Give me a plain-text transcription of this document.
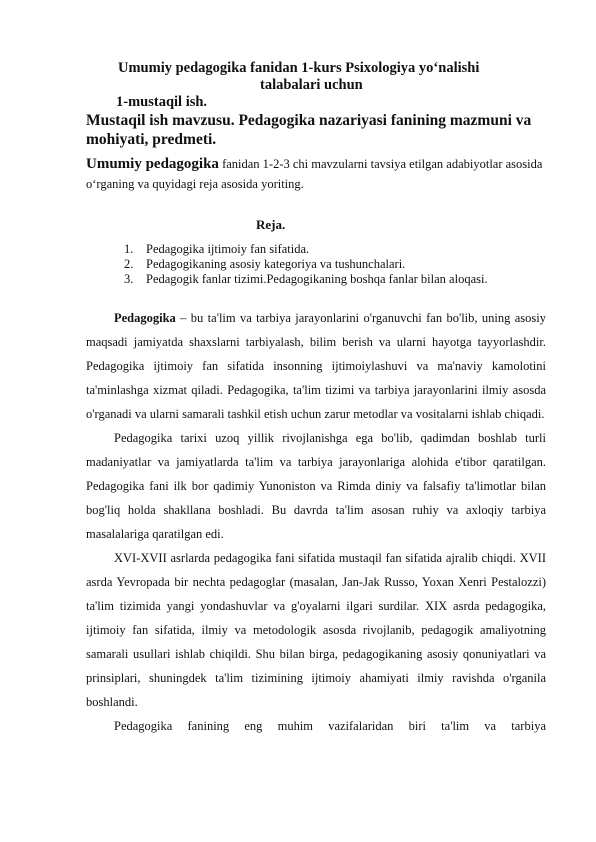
Umumiy pedagogika fanidan 1-kurs Psixologiya yo‘nalishi
talabalari uchun
1-mustaqil ish.
Mustaqil ish mavzusu. Pedagogika nazariyasi fanining mazmuni va mohiyati, predmeti.
Umumiy pedagogika fanidan 1-2-3 chi mavzularni tavsiya etilgan adabiyotlar asosida o‘rganing va quyidagi reja asosida yoriting.
Reja.
1. Pedagogika ijtimoiy fan sifatida.
2. Pedagogikaning asosiy kategoriya va tushunchalari.
3. Pedagogik fanlar tizimi.Pedagogikaning boshqa fanlar bilan aloqasi.

Pedagogika – bu ta'lim va tarbiya jarayonlarini o'rganuvchi fan bo'lib, uning asosiy maqsadi jamiyatda shaxslarni tarbiyalash, bilim berish va ularni hayotga tayyorlashdir. Pedagogika ijtimoiy fan sifatida insonning ijtimoiylashuvi va ma'naviy kamolotini ta'minlashga xizmat qiladi. Pedagogika, ta'lim tizimi va tarbiya jarayonlarini ilmiy asosda o'rganadi va ularni samarali tashkil etish uchun zarur metodlar va vositalarni ishlab chiqadi.

Pedagogika tarixi uzoq yillik rivojlanishga ega bo'lib, qadimdan boshlab turli madaniyatlar va jamiyatlarda ta'lim va tarbiya jarayonlariga alohida e'tibor qaratilgan. Pedagogika fani ilk bor qadimiy Yunoniston va Rimda diniy va falsafiy ta'limotlar bilan bog'liq holda shakllana boshladi. Bu davrda ta'lim asosan ruhiy va axloqiy tarbiya masalalariga qaratilgan edi.

XVI-XVII asrlarda pedagogika fani sifatida mustaqil fan sifatida ajralib chiqdi. XVII asrda Yevropada bir nechta pedagoglar (masalan, Jan-Jak Russo, Yoxan Xenri Pestalozzi) ta'lim tizimida yangi yondashuvlar va g'oyalarni ilgari surdilar. XIX asrda pedagogika, ijtimoiy fan sifatida, ilmiy va metodologik asosda rivojlanib, pedagogik amaliyotning samarali usullari ishlab chiqildi. Shu bilan birga, pedagogikaning asosiy qonuniyatlari va prinsiplari, shuningdek ta'lim tizimining ijtimoiy ahamiyati ilmiy ravishda o'rganila boshlandi.

Pedagogika fanining eng muhim vazifalaridan biri ta'lim va tarbiya
